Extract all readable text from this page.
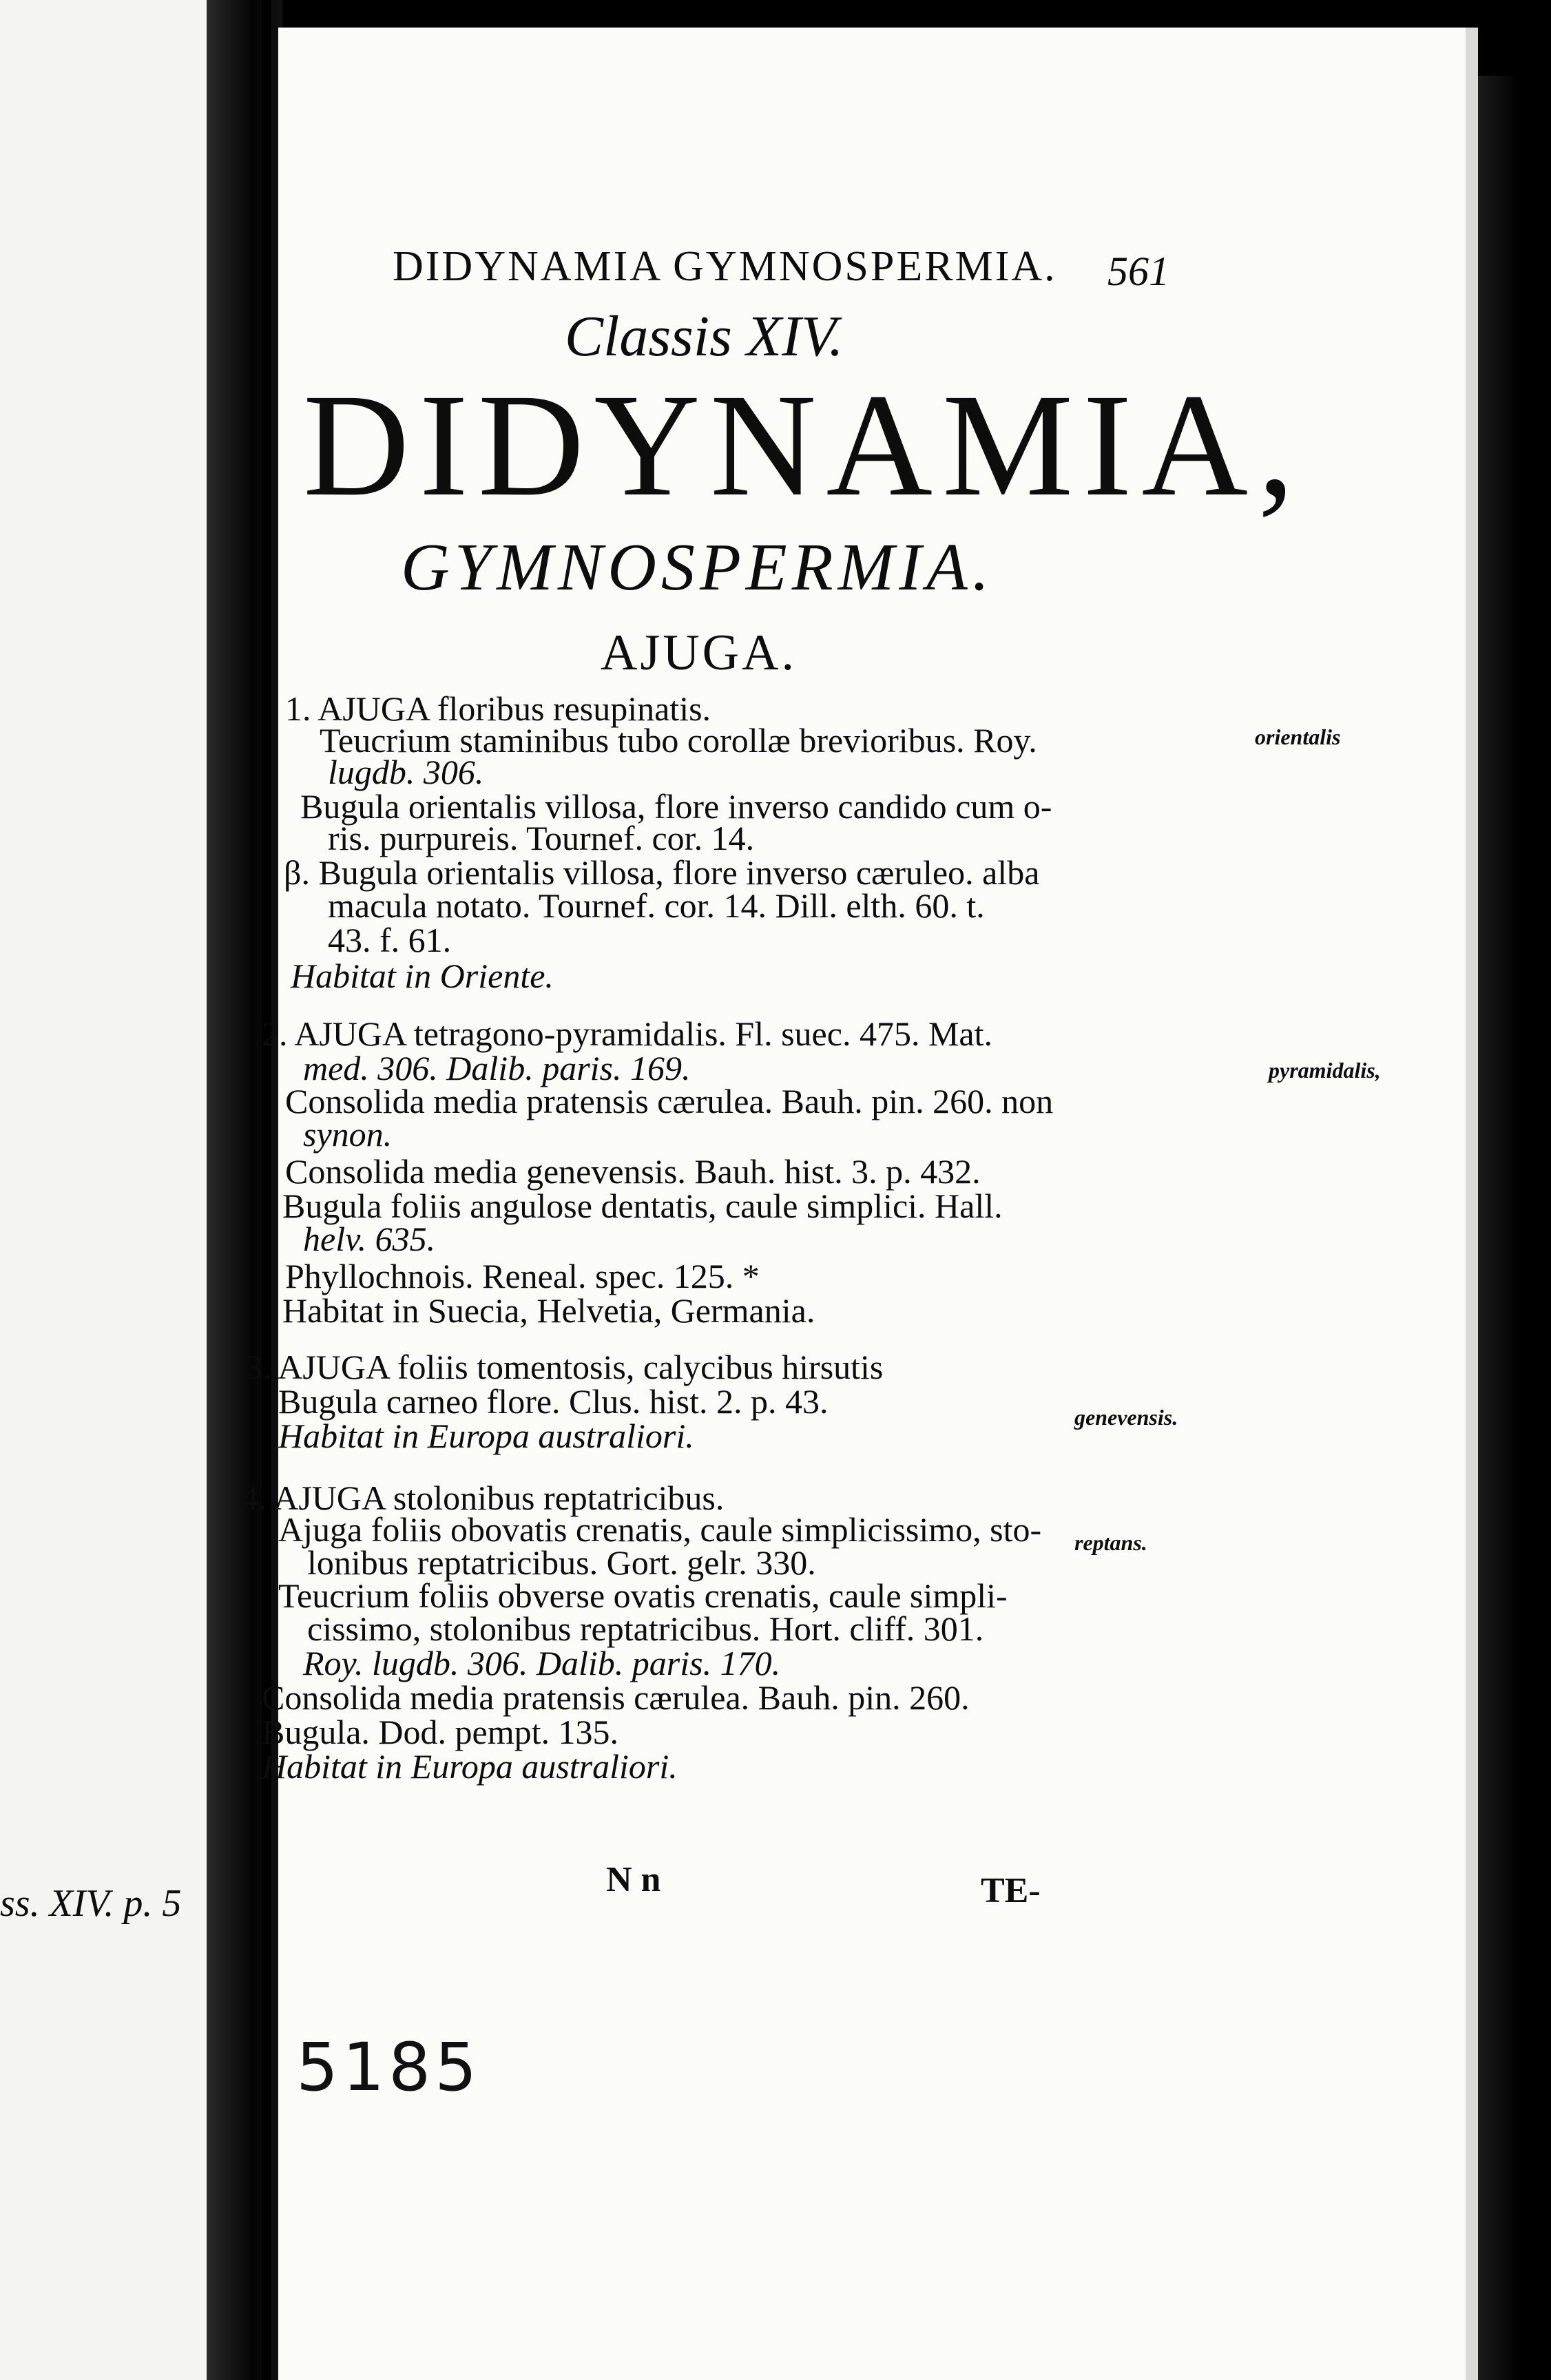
ss. XIV. p. 5
DIDYNAMIA GYMNOSPERMIA. 561
Classis XIV.
DIDYNAMIA,
GYMNOSPERMIA.
AJUGA.
1. AJUGA floribus resupinatis.
Teucrium staminibus tubo corollæ brevioribus. Roy.
lugdb. 306.
Bugula orientalis villosa, flore inverso candido cum o-
ris. purpureis. Tournef. cor. 14.
β. Bugula orientalis villosa, flore inverso cæruleo. alba
macula notato. Tournef. cor. 14. Dill. elth. 60. t.
43. f. 61.
Habitat in Oriente.
2. AJUGA tetragono-pyramidalis. Fl. suec. 475. Mat.
med. 306. Dalib. paris. 169.
Consolida media pratensis cærulea. Bauh. pin. 260. non
synon.
Consolida media genevensis. Bauh. hist. 3. p. 432.
Bugula foliis angulose dentatis, caule simplici. Hall.
helv. 635.
Phyllochnois. Reneal. spec. 125. *
Habitat in Suecia, Helvetia, Germania.
3. AJUGA foliis tomentosis, calycibus hirsutis
Bugula carneo flore. Clus. hist. 2. p. 43.
Habitat in Europa australiori.
4. AJUGA stolonibus reptatricibus.
Ajuga foliis obovatis crenatis, caule simplicissimo, sto-
lonibus reptatricibus. Gort. gelr. 330.
Teucrium foliis obverse ovatis crenatis, caule simpli-
cissimo, stolonibus reptatricibus. Hort. cliff. 301.
Roy. lugdb. 306. Dalib. paris. 170.
Consolida media pratensis cærulea. Bauh. pin. 260.
Bugula. Dod. pempt. 135.
Habitat in Europa australiori.
orientalis
pyramidalis,
genevensis.
reptans.
N n	TE-
5185
